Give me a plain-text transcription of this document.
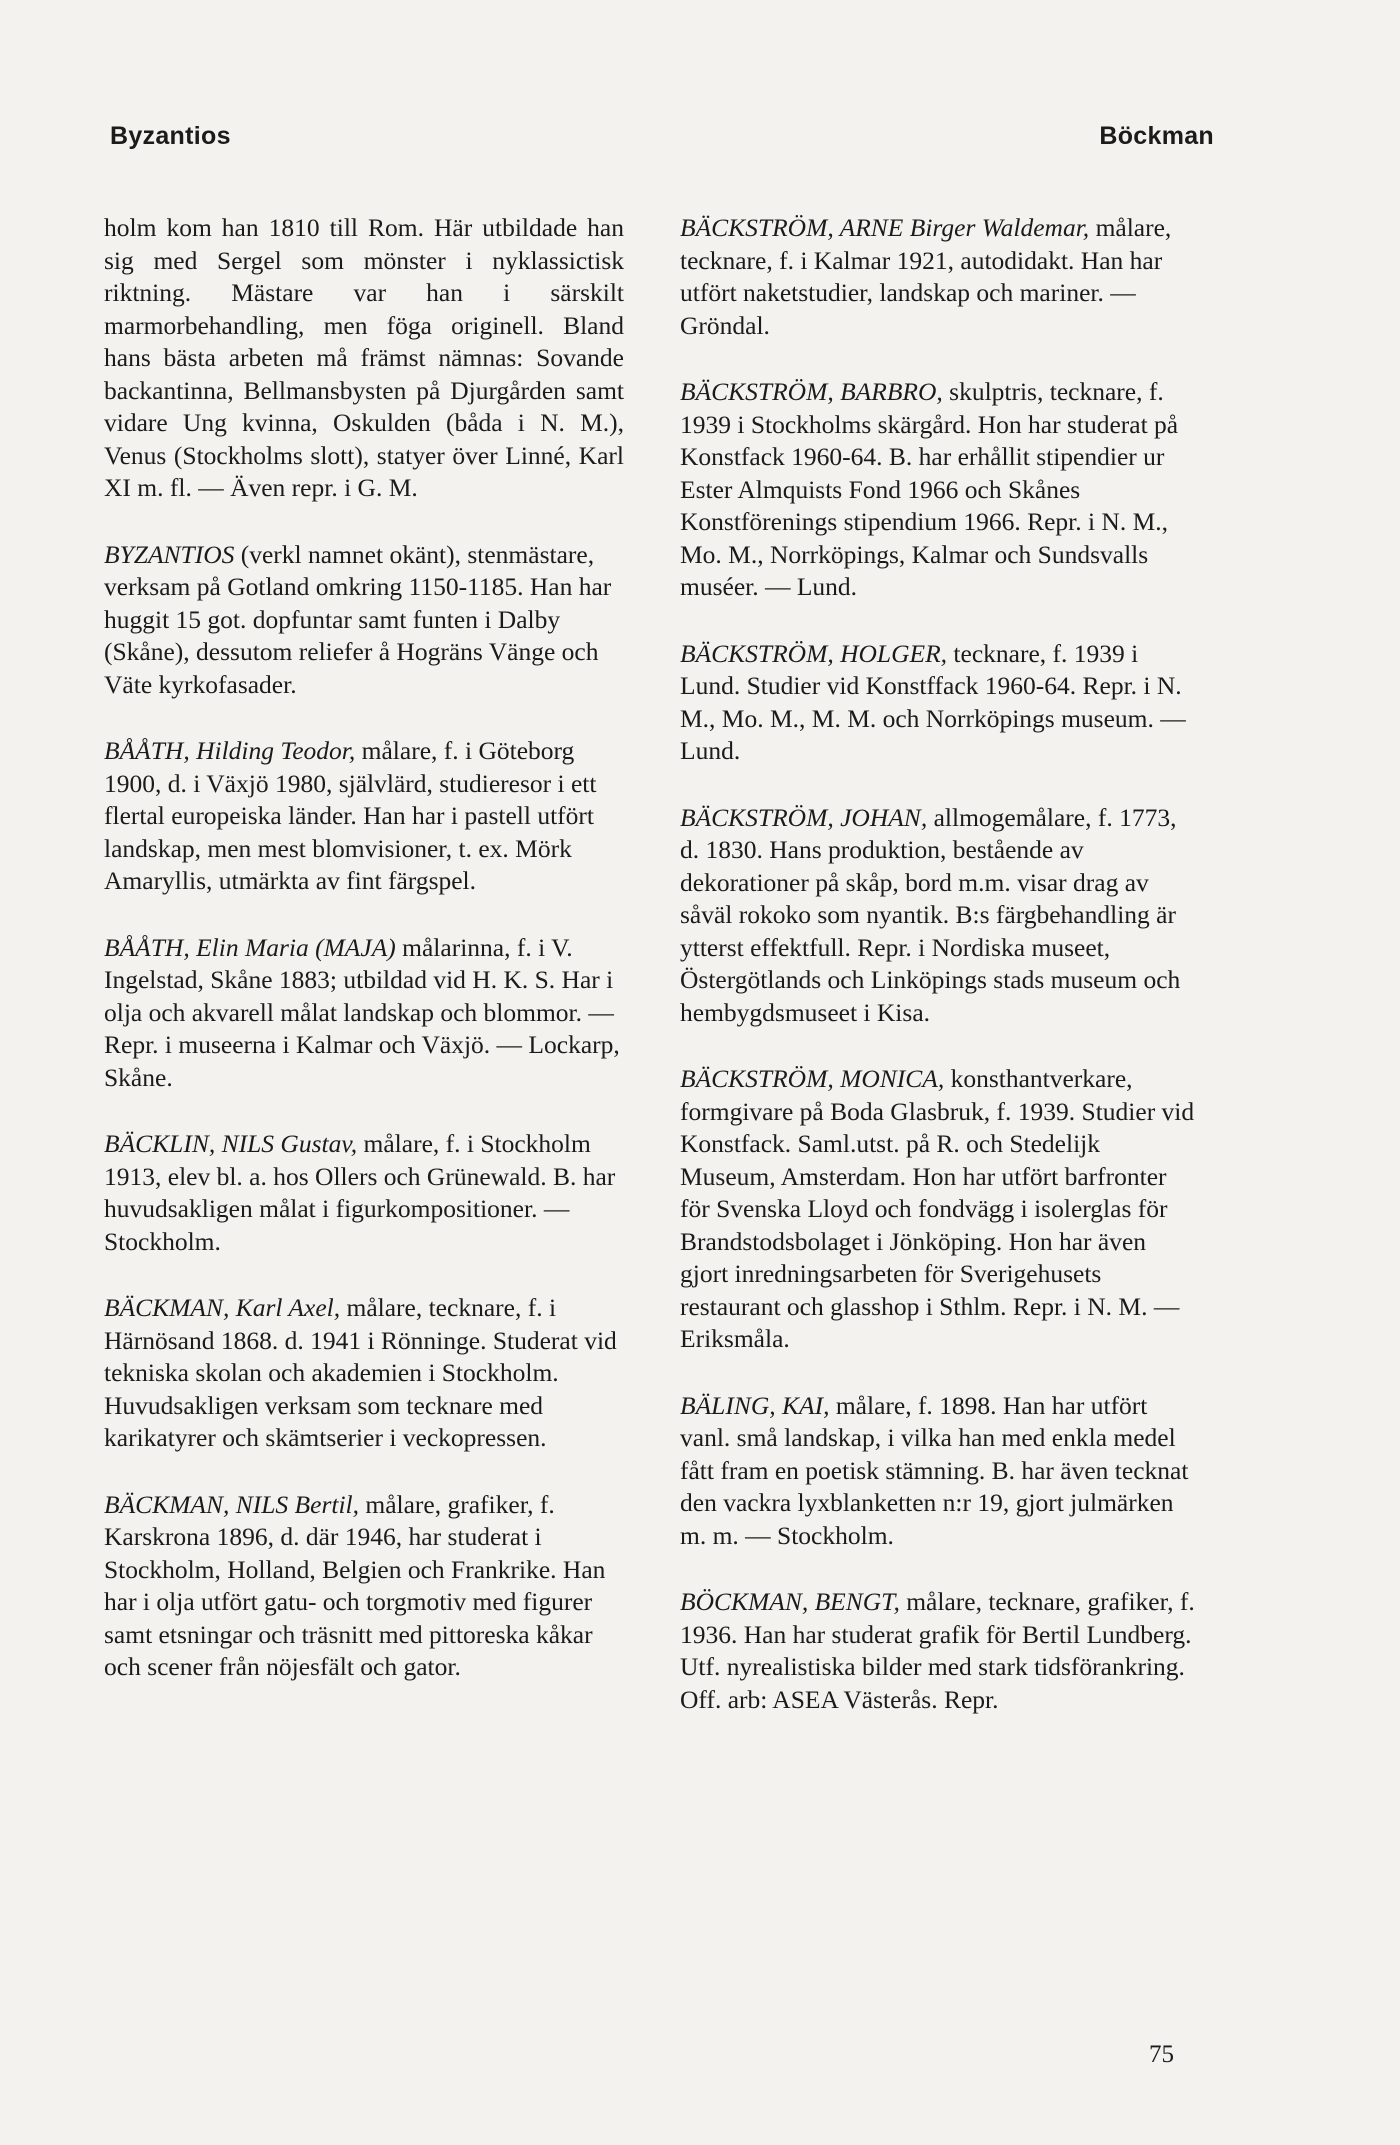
Byzantios	Böckman

holm kom han 1810 till Rom. Här utbildade han sig med Sergel som mönster i nyklassictisk riktning. Mästare var han i särskilt marmorbehandling, men föga originell. Bland hans bästa arbeten må främst nämnas: Sovande backantinna, Bellmansbysten på Djurgården samt vidare Ung kvinna, Oskulden (båda i N. M.), Venus (Stockholms slott), statyer över Linné, Karl XI m. fl. — Även repr. i G. M.

BYZANTIOS (verkl namnet okänt), stenmästare, verksam på Gotland omkring 1150-1185. Han har huggit 15 got. dopfuntar samt funten i Dalby (Skåne), dessutom reliefer å Hogräns Vänge och Väte kyrkofasader.

BÅÅTH, Hilding Teodor, målare, f. i Göteborg 1900, d. i Växjö 1980, självlärd, studieresor i ett flertal europeiska länder. Han har i pastell utfört landskap, men mest blomvisioner, t. ex. Mörk Amaryllis, utmärkta av fint färgspel.

BÅÅTH, Elin Maria (MAJA) målarinna, f. i V. Ingelstad, Skåne 1883; utbildad vid H. K. S. Har i olja och akvarell målat landskap och blommor. — Repr. i museerna i Kalmar och Växjö. — Lockarp, Skåne.

BÄCKLIN, NILS Gustav, målare, f. i Stockholm 1913, elev bl. a. hos Ollers och Grünewald. B. har huvudsakligen målat i figurkompositioner. — Stockholm.

BÄCKMAN, Karl Axel, målare, tecknare, f. i Härnösand 1868. d. 1941 i Rönninge. Studerat vid tekniska skolan och akademien i Stockholm. Huvudsakligen verksam som tecknare med karikatyrer och skämtserier i veckopressen.

BÄCKMAN, NILS Bertil, målare, grafiker, f. Karskrona 1896, d. där 1946, har studerat i Stockholm, Holland, Belgien och Frankrike. Han har i olja utfört gatu- och torgmotiv med figurer samt etsningar och träsnitt med pittoreska kåkar och scener från nöjesfält och gator.

BÄCKSTRÖM, ARNE Birger Waldemar, målare, tecknare, f. i Kalmar 1921, autodidakt. Han har utfört naketstudier, landskap och mariner. — Gröndal.

BÄCKSTRÖM, BARBRO, skulptris, tecknare, f. 1939 i Stockholms skärgård. Hon har studerat på Konstfack 1960-64. B. har erhållit stipendier ur Ester Almquists Fond 1966 och Skånes Konstförenings stipendium 1966. Repr. i N. M., Mo. M., Norrköpings, Kalmar och Sundsvalls muséer. — Lund.

BÄCKSTRÖM, HOLGER, tecknare, f. 1939 i Lund. Studier vid Konstffack 1960-64. Repr. i N. M., Mo. M., M. M. och Norrköpings museum. — Lund.

BÄCKSTRÖM, JOHAN, allmogemålare, f. 1773, d. 1830. Hans produktion, bestående av dekorationer på skåp, bord m.m. visar drag av såväl rokoko som nyantik. B:s färgbehandling är ytterst effektfull. Repr. i Nordiska museet, Östergötlands och Linköpings stads museum och hembygdsmuseet i Kisa.

BÄCKSTRÖM, MONICA, konsthantverkare, formgivare på Boda Glasbruk, f. 1939. Studier vid Konstfack. Saml.utst. på R. och Stedelijk Museum, Amsterdam. Hon har utfört barfronter för Svenska Lloyd och fondvägg i isolerglas för Brandstodsbolaget i Jönköping. Hon har även gjort inredningsarbeten för Sverigehusets restaurant och glasshop i Sthlm. Repr. i N. M. — Eriksmåla.

BÄLING, KAI, målare, f. 1898. Han har utfört vanl. små landskap, i vilka han med enkla medel fått fram en poetisk stämning. B. har även tecknat den vackra lyxblanketten n:r 19, gjort julmärken m. m. — Stockholm.

BÖCKMAN, BENGT, målare, tecknare, grafiker, f. 1936. Han har studerat grafik för Bertil Lundberg. Utf. nyrealistiska bilder med stark tidsförankring. Off. arb: ASEA Västerås. Repr.

75
